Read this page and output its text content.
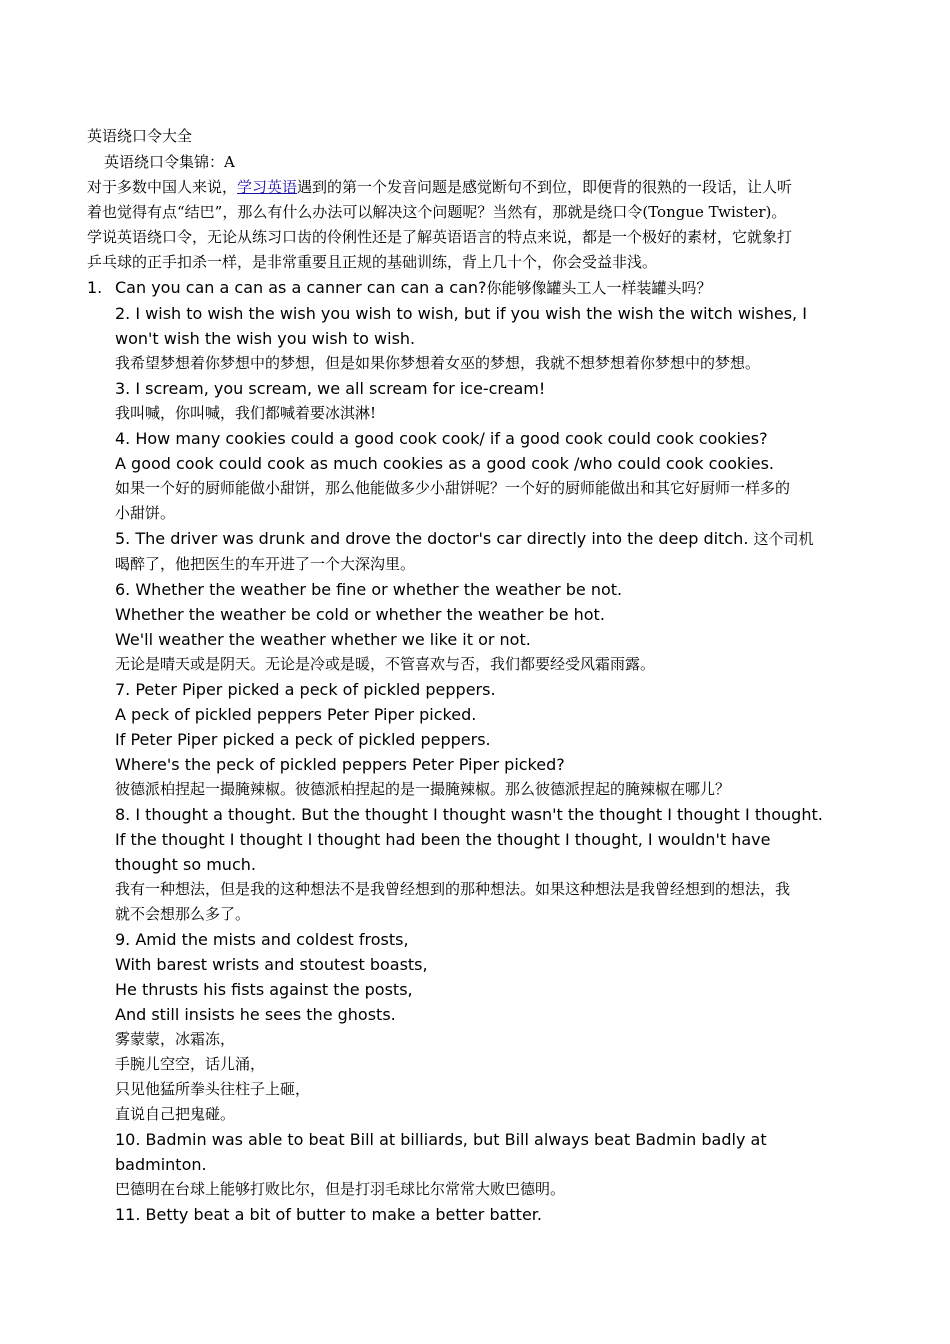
英语绕口令大全
英语绕口令集锦：A
对于多数中国人来说，学习英语遇到的第一个发音问题是感觉断句不到位，即便背的很熟的一段话，让人听
着也觉得有点“结巴”，那么有什么办法可以解决这个问题呢？当然有，那就是绕口令(Tongue Twister)。
学说英语绕口令，无论从练习口齿的伶俐性还是了解英语语言的特点来说，都是一个极好的素材，它就象打
乒乓球的正手扣杀一样，是非常重要且正规的基础训练，背上几十个，你会受益非浅。
1. Can you can a can as a canner can can a can?你能够像罐头工人一样装罐头吗？
2. I wish to wish the wish you wish to wish, but if you wish the wish the witch wishes, I
won't wish the wish you wish to wish.
我希望梦想着你梦想中的梦想，但是如果你梦想着女巫的梦想，我就不想梦想着你梦想中的梦想。
3. I scream, you scream, we all scream for ice-cream!
我叫喊，你叫喊，我们都喊着要冰淇淋!
4. How many cookies could a good cook cook/ if a good cook could cook cookies?
A good cook could cook as much cookies as a good cook /who could cook cookies.
如果一个好的厨师能做小甜饼，那么他能做多少小甜饼呢？一个好的厨师能做出和其它好厨师一样多的
小甜饼。
5. The driver was drunk and drove the doctor's car directly into the deep ditch. 这个司机
喝醉了，他把医生的车开进了一个大深沟里。
6. Whether the weather be fine or whether the weather be not.
Whether the weather be cold or whether the weather be hot.
We'll weather the weather whether we like it or not.
无论是晴天或是阴天。无论是冷或是暖，不管喜欢与否，我们都要经受风霜雨露。
7. Peter Piper picked a peck of pickled peppers.
A peck of pickled peppers Peter Piper picked.
If Peter Piper picked a peck of pickled peppers.
Where's the peck of pickled peppers Peter Piper picked?
彼德派柏捏起一撮腌辣椒。彼德派柏捏起的是一撮腌辣椒。那么彼德派捏起的腌辣椒在哪儿？
8. I thought a thought. But the thought I thought wasn't the thought I thought I thought.
If the thought I thought I thought had been the thought I thought, I wouldn't have
thought so much.
我有一种想法，但是我的这种想法不是我曾经想到的那种想法。如果这种想法是我曾经想到的想法，我
就不会想那么多了。
9. Amid the mists and coldest frosts,
With barest wrists and stoutest boasts,
He thrusts his fists against the posts,
And still insists he sees the ghosts.
雾蒙蒙，冰霜冻，
手腕儿空空，话儿涌，
只见他猛所拳头往柱子上砸，
直说自己把鬼碰。
10. Badmin was able to beat Bill at billiards, but Bill always beat Badmin badly at
badminton.
巴德明在台球上能够打败比尔，但是打羽毛球比尔常常大败巴德明。
11. Betty beat a bit of butter to make a better batter.
